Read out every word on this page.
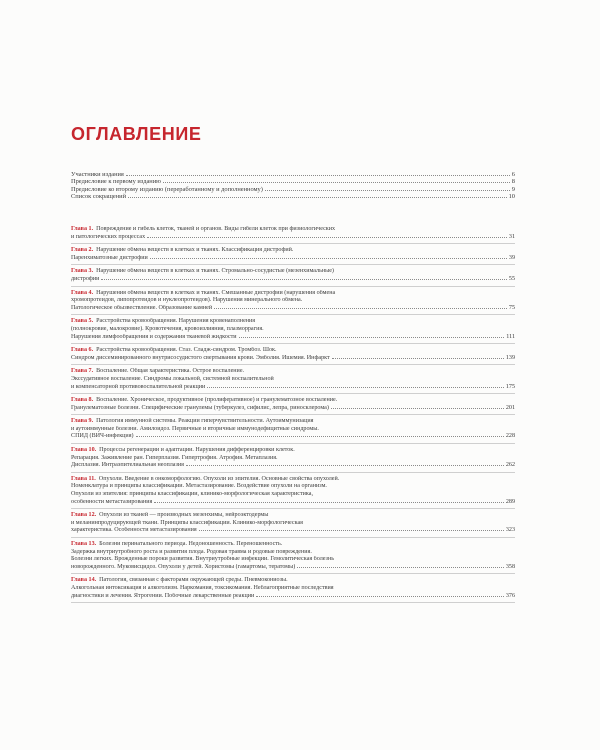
ОГЛАВЛЕНИЕ
Участники издания	6
Предисловие к первому изданию	8
Предисловие ко второму изданию (переработанному и дополненному)	9
Список сокращений	10
Глава 1. Повреждение и гибель клеток, тканей и органов. Виды гибели клеток при физиологических
и патологических процессах	31
Глава 2. Нарушение обмена веществ в клетках и тканях. Классификация дистрофий.
Паренхиматозные дистрофии	39
Глава 3. Нарушение обмена веществ в клетках и тканях. Стромально-сосудистые (мезенхимальные)
дистрофии	55
Глава 4. Нарушения обмена веществ в клетках и тканях. Смешанные дистрофии (нарушения обмена
хромопротеидов, липопротеидов и нуклеопротеидов). Нарушения минерального обмена.
Патологическое обызвествление. Образование камней	75
Глава 5. Расстройства кровообращения. Нарушения кровенаполнения
(полнокровие, малокровие). Кровотечения, кровоизлияния, плазморрагия.
Нарушения лимфообращения и содержания тканевой жидкости	111
Глава 6. Расстройства кровообращения. Стаз. Сладж-синдром. Тромбоз. Шок.
Синдром диссеминированного внутрисосудистого свертывания крови. Эмболия. Ишемия. Инфаркт	139
Глава 7. Воспаление. Общая характеристика. Острое воспаление.
Экссудативное воспаление. Синдромы локальной, системной воспалительной
и компенсаторной противовоспалительной реакции	175
Глава 8. Воспаление. Хроническое, продуктивное (пролиферативное) и гранулематозное воспаление.
Гранулематозные болезни. Специфические гранулемы (туберкулез, сифилис, лепра, риносклерома)	201
Глава 9. Патология иммунной системы. Реакции гиперчувствительности. Аутоиммунизация
и аутоиммунные болезни. Амилоидоз. Первичные и вторичные иммунодефицитные синдромы.
СПИД (ВИЧ-инфекция)	228
Глава 10. Процессы регенерации и адаптации. Нарушения дифференцировки клеток.
Репарация. Заживление ран. Гиперплазия. Гипертрофия. Атрофия. Метаплазия.
Дисплазия. Интраэпителиальная неоплазия	262
Глава 11. Опухоли. Введение в онкоморфологию. Опухоли из эпителия. Основные свойства опухолей.
Номенклатура и принципы классификации. Метастазирование. Воздействие опухоли на организм.
Опухоли из эпителия: принципы классификации, клинико-морфологическая характеристика,
особенности метастазирования	289
Глава 12. Опухоли из тканей — производных мезенхимы, нейроэктодермы
и меланинпродуцирующей ткани. Принципы классификации. Клинико-морфологическая
характеристика. Особенности метастазирования	323
Глава 13. Болезни перинатального периода. Недоношенность. Переношенность.
Задержка внутриутробного роста и развития плода. Родовая травма и родовые повреждения.
Болезни легких. Врожденные пороки развития. Внутриутробные инфекции. Гемолитическая болезнь
новорожденного. Муковисцидоз. Опухоли у детей. Хористомы (гамартомы, тератомы)	358
Глава 14. Патология, связанная с факторами окружающей среды. Пневмокониозы.
Алкогольная интоксикация и алкоголизм. Наркомания, токсикомания. Неблагоприятные последствия
диагностики и лечения. Ятрогении. Побочные лекарственные реакции	376
